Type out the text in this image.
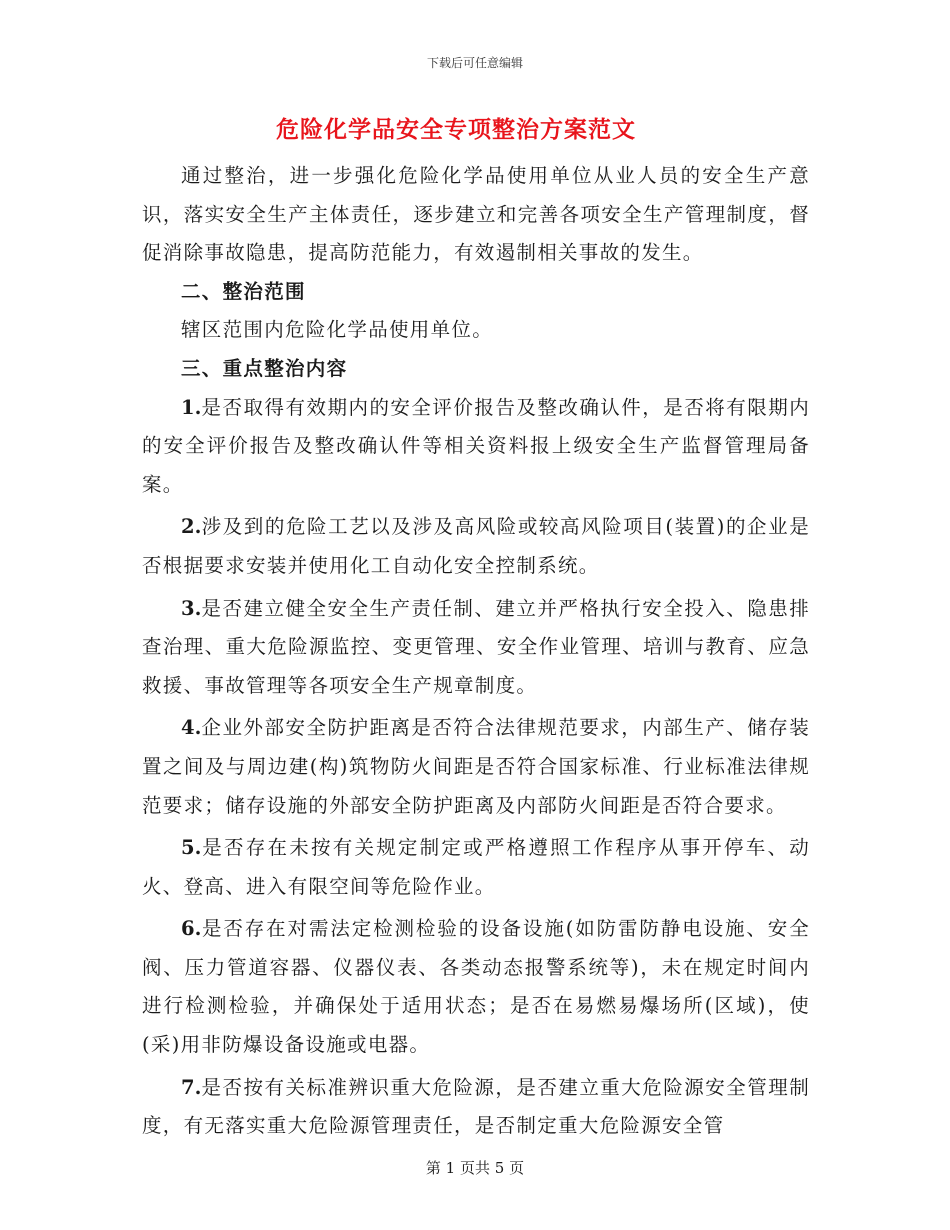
下载后可任意编辑
危险化学品安全专项整治方案范文

通过整治，进一步强化危险化学品使用单位从业人员的安全生产意识，落实安全生产主体责任，逐步建立和完善各项安全生产管理制度，督促消除事故隐患，提高防范能力，有效遏制相关事故的发生。

二、整治范围

辖区范围内危险化学品使用单位。

三、重点整治内容

1.是否取得有效期内的安全评价报告及整改确认件，是否将有限期内的安全评价报告及整改确认件等相关资料报上级安全生产监督管理局备案。

2.涉及到的危险工艺以及涉及高风险或较高风险项目(装置)的企业是否根据要求安装并使用化工自动化安全控制系统。

3.是否建立健全安全生产责任制、建立并严格执行安全投入、隐患排查治理、重大危险源监控、变更管理、安全作业管理、培训与教育、应急救援、事故管理等各项安全生产规章制度。

4.企业外部安全防护距离是否符合法律规范要求，内部生产、储存装置之间及与周边建(构)筑物防火间距是否符合国家标准、行业标准法律规范要求；储存设施的外部安全防护距离及内部防火间距是否符合要求。

5.是否存在未按有关规定制定或严格遵照工作程序从事开停车、动火、登高、进入有限空间等危险作业。

6.是否存在对需法定检测检验的设备设施(如防雷防静电设施、安全阀、压力管道容器、仪器仪表、各类动态报警系统等)，未在规定时间内进行检测检验，并确保处于适用状态；是否在易燃易爆场所(区域)，使(采)用非防爆设备设施或电器。

7.是否按有关标准辨识重大危险源，是否建立重大危险源安全管理制度，有无落实重大危险源管理责任，是否制定重大危险源安全管

第 1 页共 5 页
